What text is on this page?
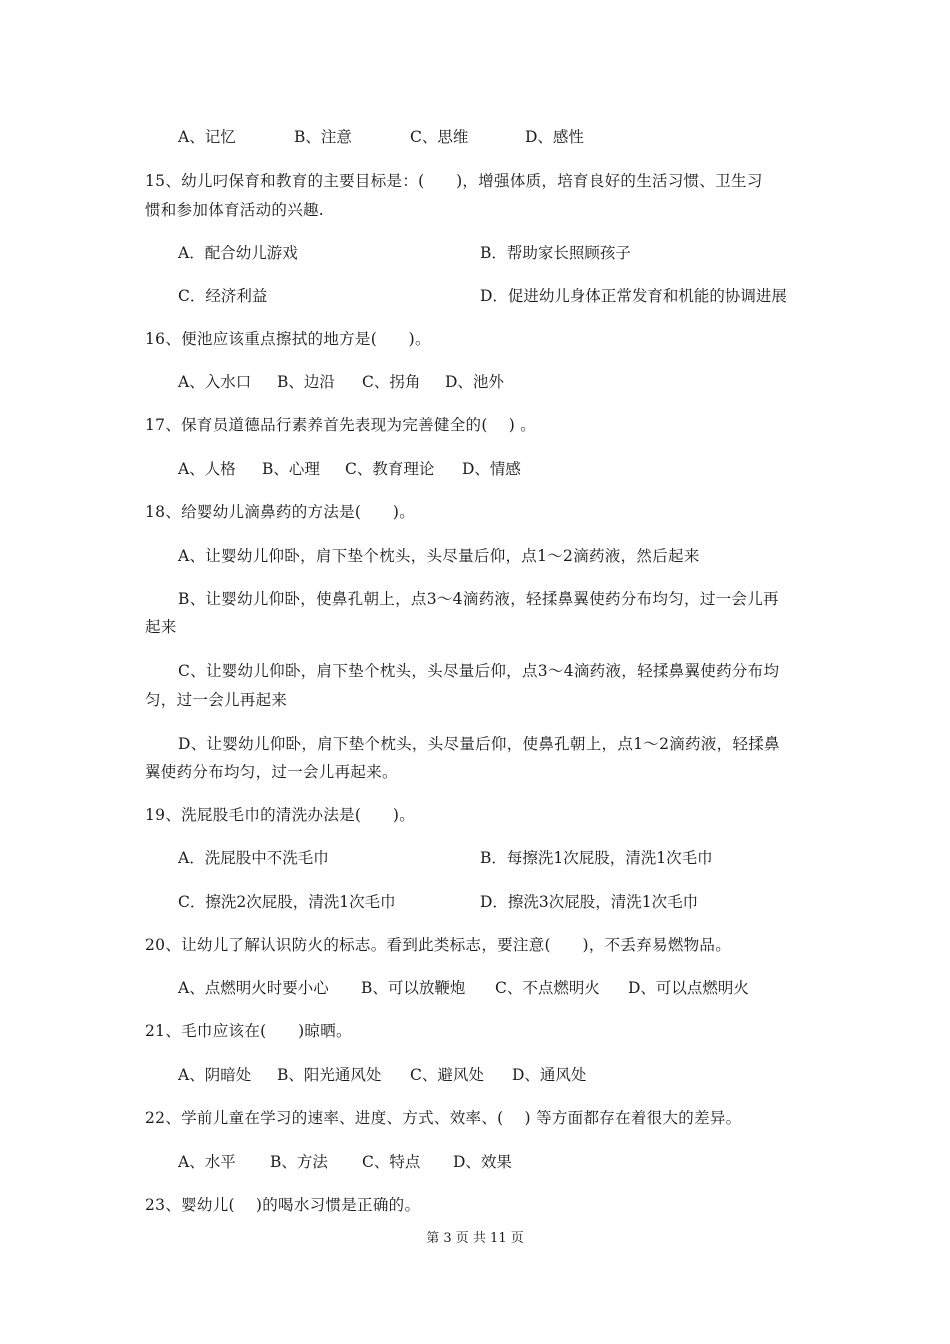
A、记忆	B、注意	C、思维	D、感性
15、幼儿叼保育和教育的主要目标是：(　　)，增强体质，培育良好的生活习惯、卫生习
惯和参加体育活动的兴趣.
A．配合幼儿游戏	B．帮助家长照顾孩子
C．经济利益	D．促进幼儿身体正常发育和机能的协调进展
16、便池应该重点擦拭的地方是(　　)。
A、入水口 B、边沿 C、拐角 D、池外
17、保育员道德品行素养首先表现为完善健全的(　 ) 。
A、人格 B、心理 C、教育理论 D、情感
18、给婴幼儿滴鼻药的方法是(　　)。
A、让婴幼儿仰卧，肩下垫个枕头，头尽量后仰，点1～2滴药液，然后起来
B、让婴幼儿仰卧，使鼻孔朝上，点3～4滴药液，轻揉鼻翼使药分布均匀，过一会儿再
起来
C、让婴幼儿仰卧，肩下垫个枕头，头尽量后仰，点3～4滴药液，轻揉鼻翼使药分布均
匀，过一会儿再起来
D、让婴幼儿仰卧，肩下垫个枕头，头尽量后仰，使鼻孔朝上，点1～2滴药液，轻揉鼻
翼使药分布均匀，过一会儿再起来。
19、洗屁股毛巾的清洗办法是(　　)。
A．洗屁股中不洗毛巾	B．每擦洗1次屁股，清洗1次毛巾
C．擦洗2次屁股，清洗1次毛巾	D．擦洗3次屁股，清洗1次毛巾
20、让幼儿了解认识防火的标志。看到此类标志，要注意(　　)，不丢弃易燃物品。
A、点燃明火时要小心 B、可以放鞭炮 C、不点燃明火 D、可以点燃明火
21、毛巾应该在(　　)晾晒。
A、阴暗处 B、阳光通风处 C、避风处 D、通风处
22、学前儿童在学习的速率、进度、方式、效率、(　 ) 等方面都存在着很大的差异。
A、水平 B、方法 C、特点 D、效果
23、婴幼儿(　 )的喝水习惯是正确的。
第 3 页 共 11 页
